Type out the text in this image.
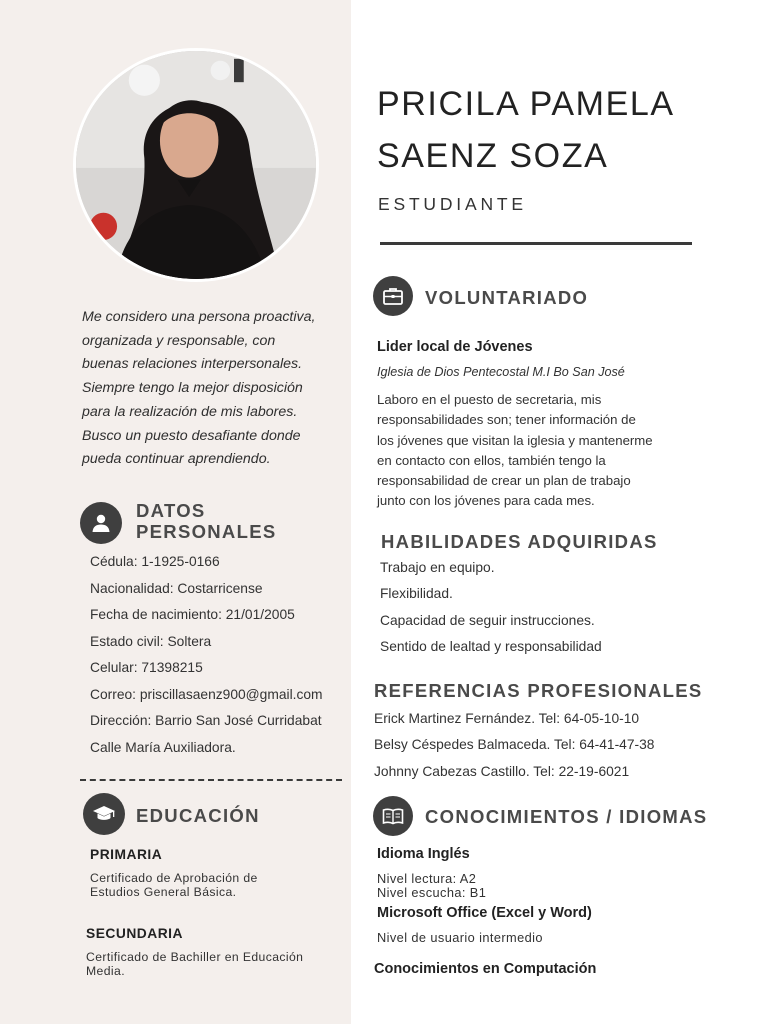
Me considero una persona proactiva,
organizada y responsable, con
buenas relaciones interpersonales.
Siempre tengo la mejor disposición
para la realización de mis labores.
Busco un puesto desafiante donde
pueda continuar aprendiendo.

DATOS
PERSONALES
Cédula: 1-1925-0166
Nacionalidad: Costarricense
Fecha de nacimiento: 21/01/2005
Estado civil: Soltera
Celular: 71398215
Correo: priscillasaenz900@gmail.com
Dirección: Barrio San José Curridabat
Calle María Auxiliadora.
EDUCACIÓN
PRIMARIA
Certificado de Aprobación de
Estudios General Básica.
SECUNDARIA
Certificado de Bachiller en Educación
Media.
PRICILA PAMELA
SAENZ SOZA
ESTUDIANTE
VOLUNTARIADO
Lider local de Jóvenes
Iglesia de Dios Pentecostal M.I Bo San José
Laboro en el puesto de secretaria, mis
responsabilidades son; tener información de
los jóvenes que visitan la iglesia y mantenerme
en contacto con ellos, también tengo la
responsabilidad de crear un plan de trabajo
junto con los jóvenes para cada mes.
HABILIDADES ADQUIRIDAS
Trabajo en equipo.
Flexibilidad.
Capacidad de seguir instrucciones.
Sentido de lealtad y responsabilidad
REFERENCIAS PROFESIONALES
Erick Martinez Fernández. Tel: 64-05-10-10
Belsy Céspedes Balmaceda. Tel: 64-41-47-38
Johnny Cabezas Castillo. Tel: 22-19-6021
CONOCIMIENTOS / IDIOMAS
Idioma Inglés
Nivel lectura: A2
Nivel escucha: B1
Microsoft Office (Excel y Word)
Nivel de usuario intermedio
Conocimientos en Computación
